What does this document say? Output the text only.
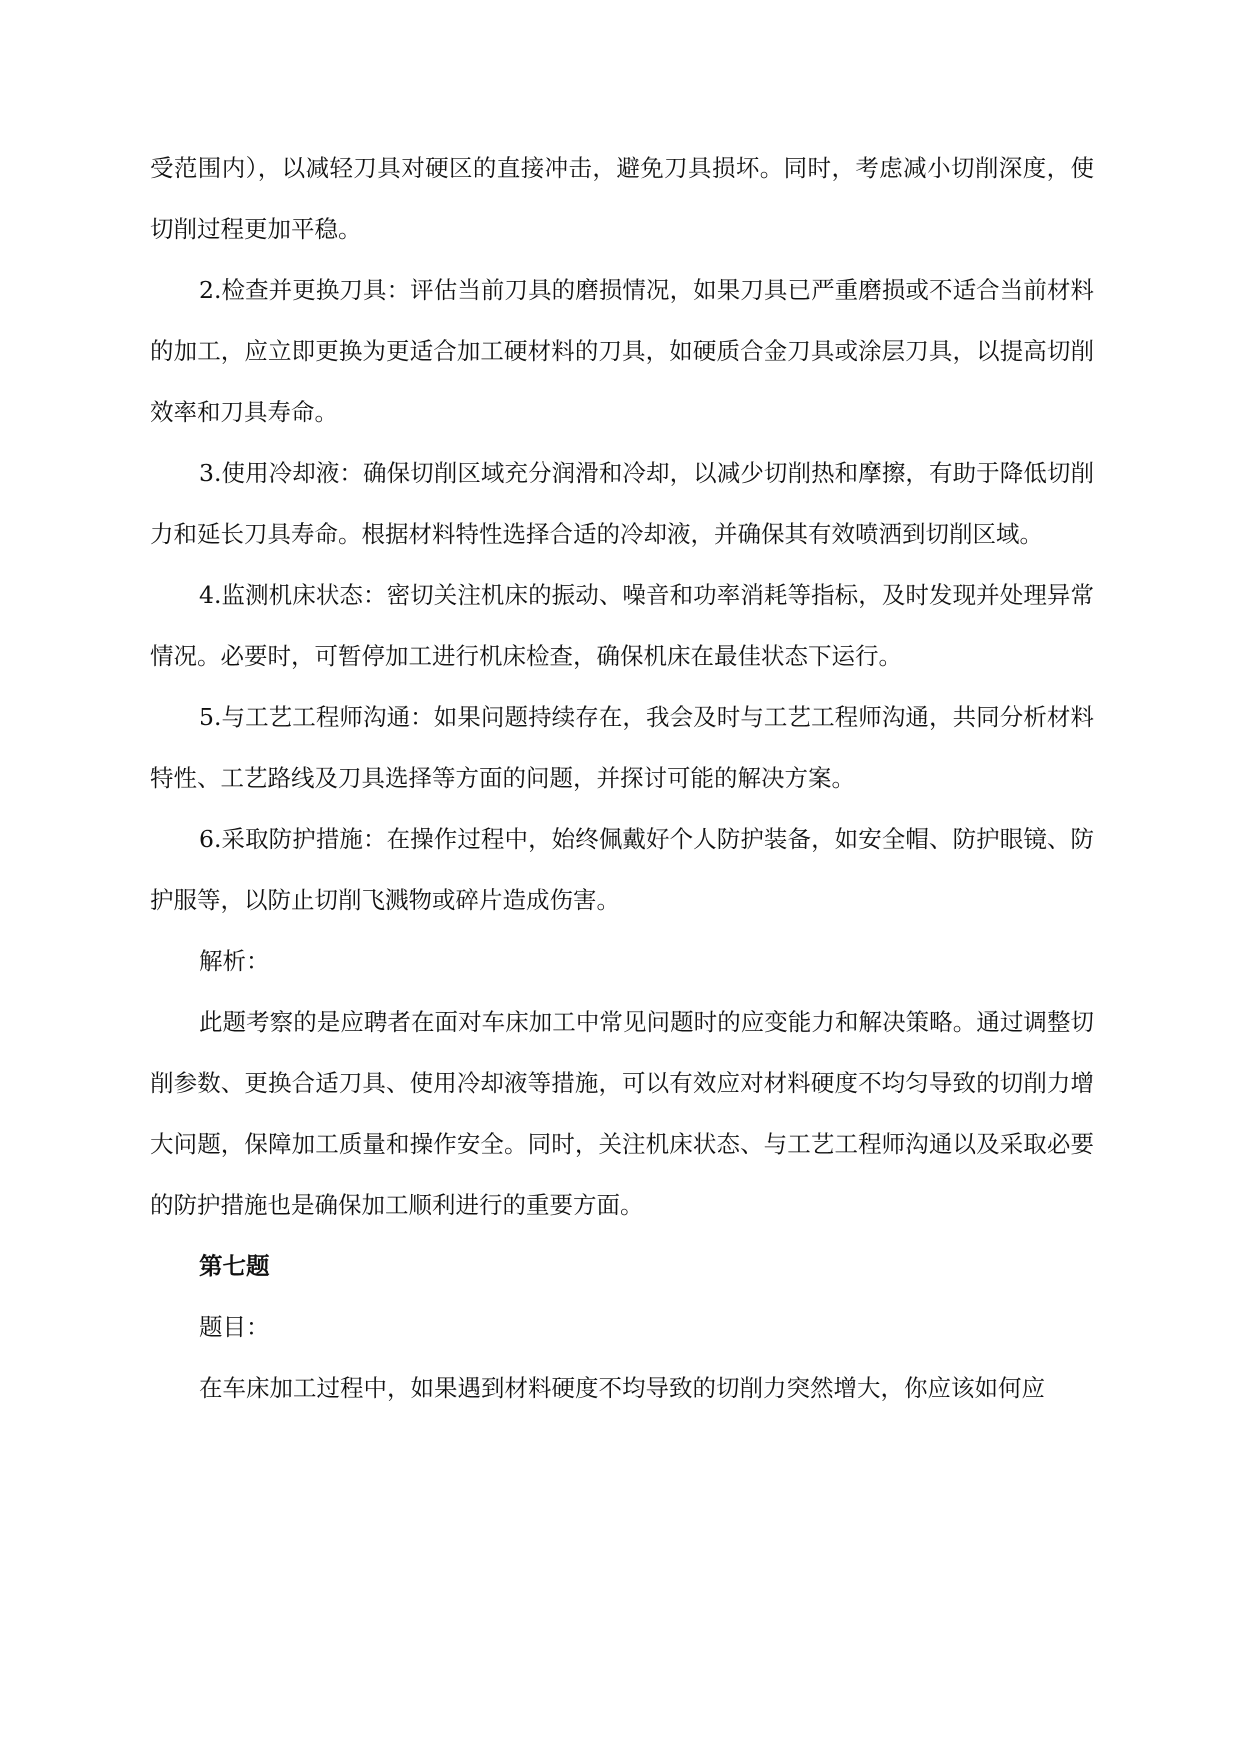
受范围内），以减轻刀具对硬区的直接冲击，避免刀具损坏。同时，考虑减小切削深度，使切削过程更加平稳。

2.检查并更换刀具：评估当前刀具的磨损情况，如果刀具已严重磨损或不适合当前材料的加工，应立即更换为更适合加工硬材料的刀具，如硬质合金刀具或涂层刀具，以提高切削效率和刀具寿命。

3.使用冷却液：确保切削区域充分润滑和冷却，以减少切削热和摩擦，有助于降低切削力和延长刀具寿命。根据材料特性选择合适的冷却液，并确保其有效喷洒到切削区域。

4.监测机床状态：密切关注机床的振动、噪音和功率消耗等指标，及时发现并处理异常情况。必要时，可暂停加工进行机床检查，确保机床在最佳状态下运行。

5.与工艺工程师沟通：如果问题持续存在，我会及时与工艺工程师沟通，共同分析材料特性、工艺路线及刀具选择等方面的问题，并探讨可能的解决方案。

6.采取防护措施：在操作过程中，始终佩戴好个人防护装备，如安全帽、防护眼镜、防护服等，以防止切削飞溅物或碎片造成伤害。

解析：

此题考察的是应聘者在面对车床加工中常见问题时的应变能力和解决策略。通过调整切削参数、更换合适刀具、使用冷却液等措施，可以有效应对材料硬度不均匀导致的切削力增大问题，保障加工质量和操作安全。同时，关注机床状态、与工艺工程师沟通以及采取必要的防护措施也是确保加工顺利进行的重要方面。

第七题

题目：

在车床加工过程中，如果遇到材料硬度不均导致的切削力突然增大，你应该如何应
